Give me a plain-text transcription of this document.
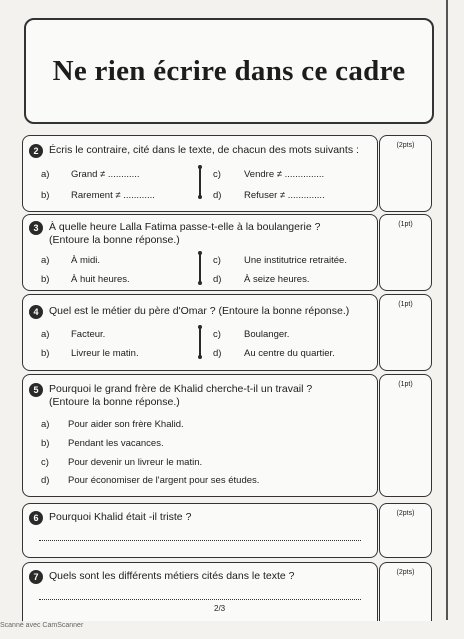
Ne rien écrire dans ce cadre
2	Écris le contraire, cité dans le texte, de chacun des mots suivants :
a) Grand ≠ ............
b) Rarement ≠ ............
c) Vendre ≠ ...............
d) Refuser ≠ ..............
(2pts)
3	À quelle heure Lalla Fatima passe-t-elle à la boulangerie ?
(Entoure la bonne réponse.)
a) À midi.
b) À huit heures.
c) Une institutrice retraitée.
d) À seize heures.
(1pt)
4	Quel est le métier du père d'Omar ? (Entoure la bonne réponse.)
a) Facteur.
b) Livreur le matin.
c) Boulanger.
d) Au centre du quartier.
(1pt)
5	Pourquoi le grand frère de Khalid cherche-t-il un travail ?
(Entoure la bonne réponse.)
a) Pour aider son frère Khalid.
b) Pendant les vacances.
c) Pour devenir un livreur le matin.
d) Pour économiser de l'argent pour ses études.
(1pt)
6	Pourquoi Khalid était -il triste ?	(2pts)
7	Quels sont les différents métiers cités dans le texte ?	(2pts)
2/3
Scanné avec CamScanner
